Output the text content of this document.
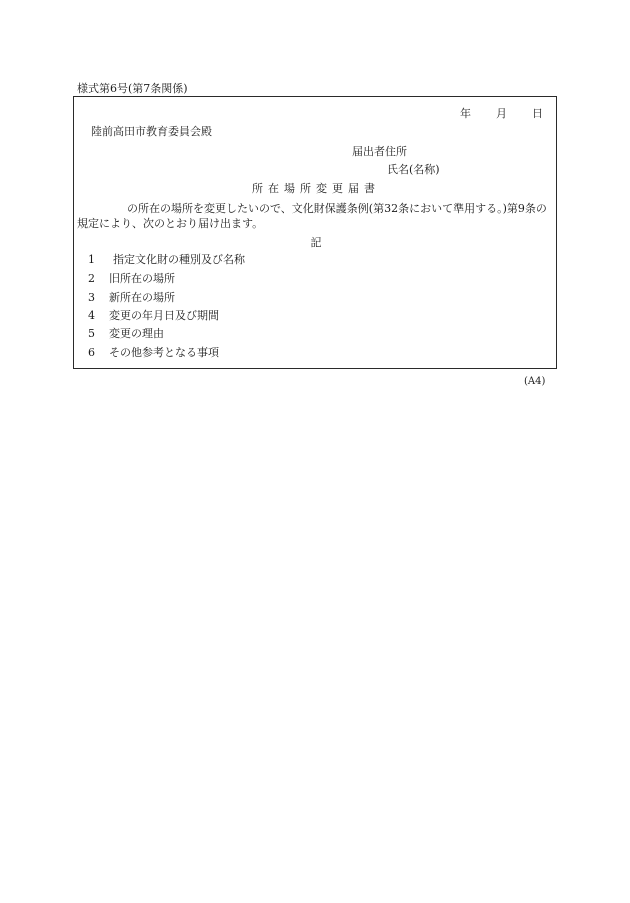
様式第6号(第7条関係)
年 月 日
陸前高田市教育委員会殿
届出者住所
氏名(名称)
所在場所変更届書
の所在の場所を変更したいので、文化財保護条例(第32条において準用する。)第9条の規定により、次のとおり届け出ます。
記
1 指定文化財の種別及び名称
2 旧所在の場所
3 新所在の場所
4 変更の年月日及び期間
5 変更の理由
6 その他参考となる事項
(A4)
